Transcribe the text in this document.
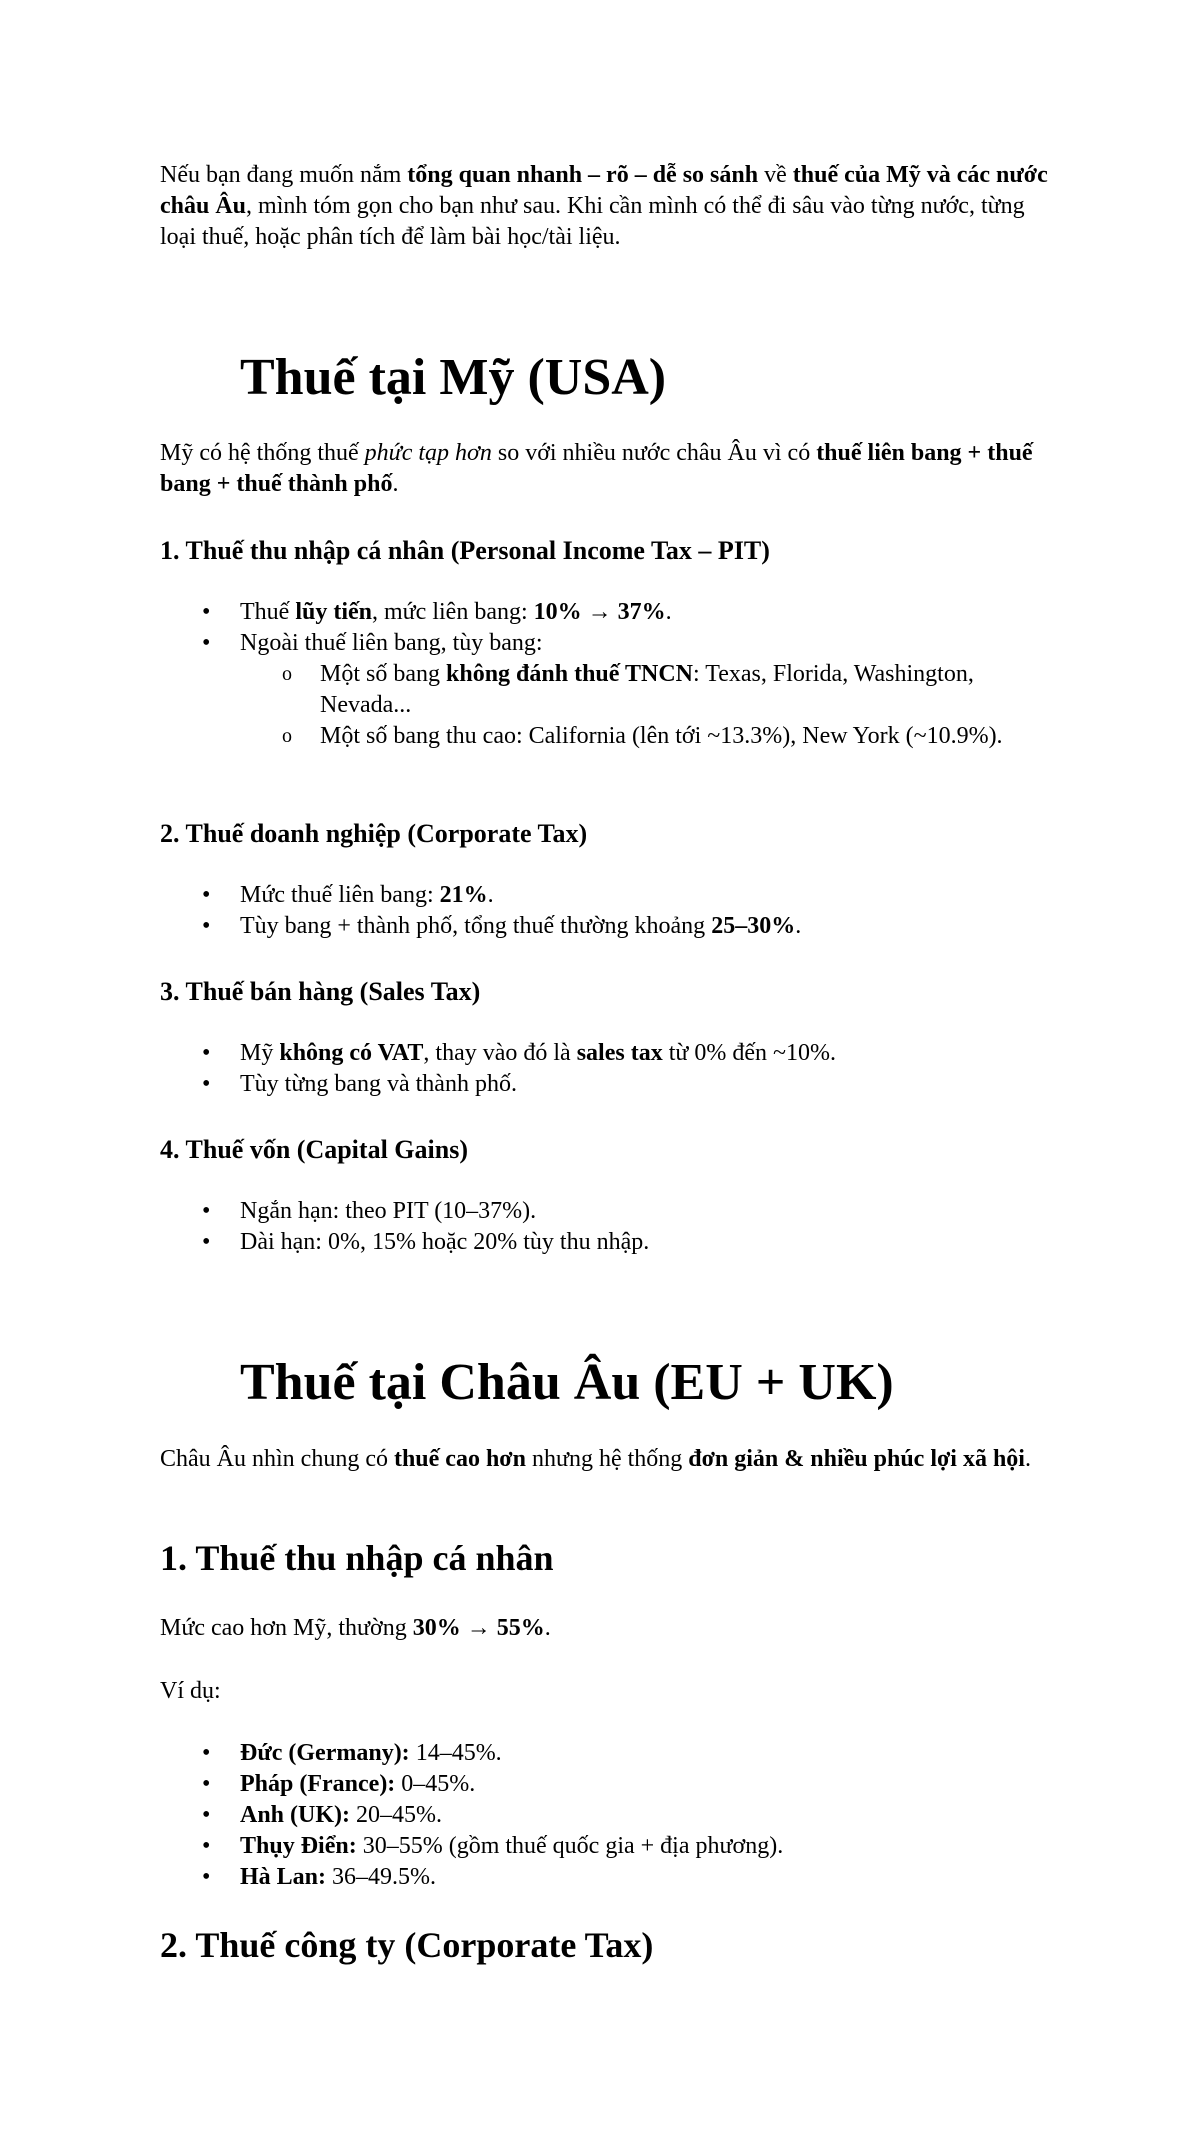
Nếu bạn đang muốn nắm tổng quan nhanh – rõ – dễ so sánh về thuế của Mỹ và các nước châu Âu, mình tóm gọn cho bạn như sau. Khi cần mình có thể đi sâu vào từng nước, từng loại thuế, hoặc phân tích để làm bài học/tài liệu.

Thuế tại Mỹ (USA)

Mỹ có hệ thống thuế phức tạp hơn so với nhiều nước châu Âu vì có thuế liên bang + thuế bang + thuế thành phố.

1. Thuế thu nhập cá nhân (Personal Income Tax – PIT)
• Thuế lũy tiến, mức liên bang: 10% → 37%.
• Ngoài thuế liên bang, tùy bang:
o Một số bang không đánh thuế TNCN: Texas, Florida, Washington, Nevada...
o Một số bang thu cao: California (lên tới ~13.3%), New York (~10.9%).
2. Thuế doanh nghiệp (Corporate Tax)
• Mức thuế liên bang: 21%.
• Tùy bang + thành phố, tổng thuế thường khoảng 25–30%.
3. Thuế bán hàng (Sales Tax)
• Mỹ không có VAT, thay vào đó là sales tax từ 0% đến ~10%.
• Tùy từng bang và thành phố.
4. Thuế vốn (Capital Gains)
• Ngắn hạn: theo PIT (10–37%).
• Dài hạn: 0%, 15% hoặc 20% tùy thu nhập.
Thuế tại Châu Âu (EU + UK)

Châu Âu nhìn chung có thuế cao hơn nhưng hệ thống đơn giản & nhiều phúc lợi xã hội.

1. Thuế thu nhập cá nhân

Mức cao hơn Mỹ, thường 30% → 55%.

Ví dụ:

• Đức (Germany): 14–45%.
• Pháp (France): 0–45%.
• Anh (UK): 20–45%.
• Thụy Điển: 30–55% (gồm thuế quốc gia + địa phương).
• Hà Lan: 36–49.5%.
2. Thuế công ty (Corporate Tax)
